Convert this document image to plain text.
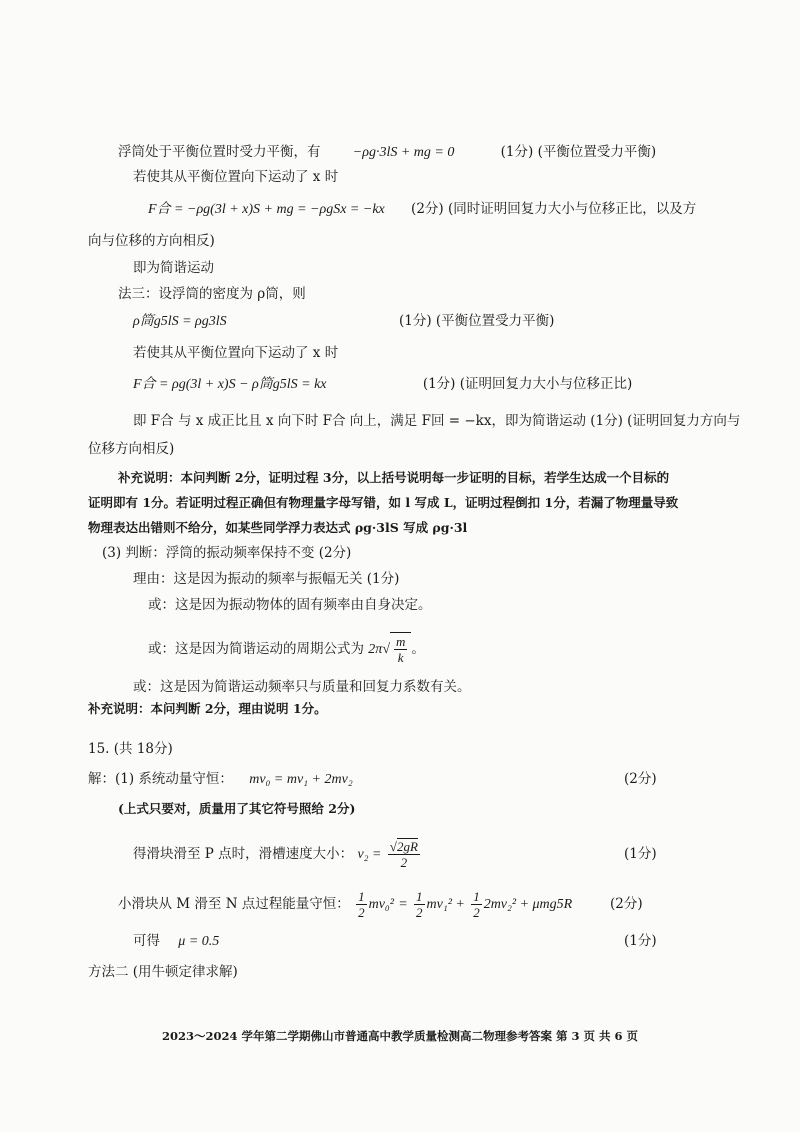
浮筒处于平衡位置时受力平衡，有 −ρg·3lS + mg = 0	(1分) (平衡位置受力平衡)
若使其从平衡位置向下运动了 x 时
F合 = −ρg(3l + x)S + mg = −ρgSx = −kx (2分) (同时证明回复力大小与位移正比，以及方
向与位移的方向相反)
即为简谐运动
法三：设浮筒的密度为 ρ筒，则
ρ筒g5lS = ρg3lS	(1分) (平衡位置受力平衡)
若使其从平衡位置向下运动了 x 时
F合 = ρg(3l + x)S − ρ筒g5lS = kx	(1分) (证明回复力大小与位移正比)
即 F合 与 x 成正比且 x 向下时 F合 向上，满足 F回 = −kx，即为简谐运动 (1分) (证明回复力方向与
位移方向相反)
补充说明：本问判断 2分，证明过程 3分，以上括号说明每一步证明的目标，若学生达成一个目标的
证明即有 1分。若证明过程正确但有物理量字母写错，如 l 写成 L，证明过程倒扣 1分，若漏了物理量导致
物理表达出错则不给分，如某些同学浮力表达式 ρg·3lS 写成 ρg·3l
(3) 判断：浮筒的振动频率保持不变 (2分)
理由：这是因为振动的频率与振幅无关 (1分)
或：这是因为振动物体的固有频率由自身决定。
或：这是因为简谐运动的周期公式为 $2\pi√ \frac{m}{k}$ 。
或：这是因为简谐运动频率只与质量和回复力系数有关。
补充说明：本问判断 2分，理由说明 1分。
15. (共 18分)
解：(1) 系统动量守恒： mv₀ = mv₁ + 2mv₂	(2分)
(上式只要对，质量用了其它符号照给 2分)
得滑块滑至 P 点时，滑槽速度大小： $v_2 = \frac{√2gR}{2}$	(1分)
小滑块从 M 滑至 N 点过程能量守恒： $\frac{1}{2} mv_0^2 = \frac{1}{2} mv_1^2 + \frac{1}{2} 2mv_2^2 + \mu mg5R$	(2分)
可得 μ = 0.5	(1分)
方法二 (用牛顿定律求解)
2023～2024 学年第二学期佛山市普通高中教学质量检测高二物理参考答案 第 3 页 共 6 页
